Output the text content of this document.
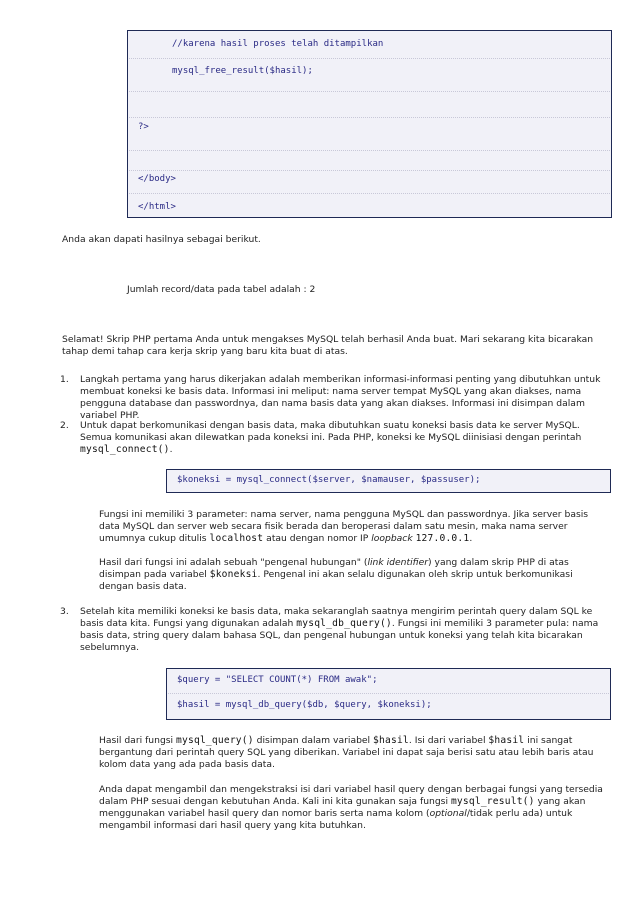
//karena hasil proses telah ditampilkan
mysql_free_result($hasil);
?>
</body>
</html>
Anda akan dapati hasilnya sebagai berikut.
Jumlah record/data pada tabel adalah : 2
Selamat! Skrip PHP pertama Anda untuk mengakses MySQL telah berhasil Anda buat. Mari sekarang kita bicarakan tahap demi tahap cara kerja skrip yang baru kita buat di atas.
1.	Langkah pertama yang harus dikerjakan adalah memberikan informasi-informasi penting yang dibutuhkan untuk membuat koneksi ke basis data. Informasi ini meliput: nama server tempat MySQL yang akan diakses, nama pengguna database dan passwordnya, dan nama basis data yang akan diakses. Informasi ini disimpan dalam variabel PHP.
2.	Untuk dapat berkomunikasi dengan basis data, maka dibutuhkan suatu koneksi basis data ke server MySQL. Semua komunikasi akan dilewatkan pada koneksi ini. Pada PHP, koneksi ke MySQL diinisiasi dengan perintah mysql_connect().
$koneksi = mysql_connect($server, $namauser, $passuser);
Fungsi ini memiliki 3 parameter: nama server, nama pengguna MySQL dan passwordnya. Jika server basis data MySQL dan server web secara fisik berada dan beroperasi dalam satu mesin, maka nama server umumnya cukup ditulis localhost atau dengan nomor IP loopback 127.0.0.1.
Hasil dari fungsi ini adalah sebuah "pengenal hubungan" (link identifier) yang dalam skrip PHP di atas disimpan pada variabel $koneksi. Pengenal ini akan selalu digunakan oleh skrip untuk berkomunikasi dengan basis data.
3.	Setelah kita memiliki koneksi ke basis data, maka sekaranglah saatnya mengirim perintah query dalam SQL ke basis data kita. Fungsi yang digunakan adalah mysql_db_query(). Fungsi ini memiliki 3 parameter pula: nama basis data, string query dalam bahasa SQL, dan pengenal hubungan untuk koneksi yang telah kita bicarakan sebelumnya.
$query = "SELECT COUNT(*) FROM awak";
$hasil = mysql_db_query($db, $query, $koneksi);
Hasil dari fungsi mysql_query() disimpan dalam variabel $hasil. Isi dari variabel $hasil ini sangat bergantung dari perintah query SQL yang diberikan. Variabel ini dapat saja berisi satu atau lebih baris atau kolom data yang ada pada basis data.
Anda dapat mengambil dan mengekstraksi isi dari variabel hasil query dengan berbagai fungsi yang tersedia dalam PHP sesuai dengan kebutuhan Anda. Kali ini kita gunakan saja fungsi mysql_result() yang akan menggunakan variabel hasil query dan nomor baris serta nama kolom (optional/tidak perlu ada) untuk mengambil informasi dari hasil query yang kita butuhkan.
